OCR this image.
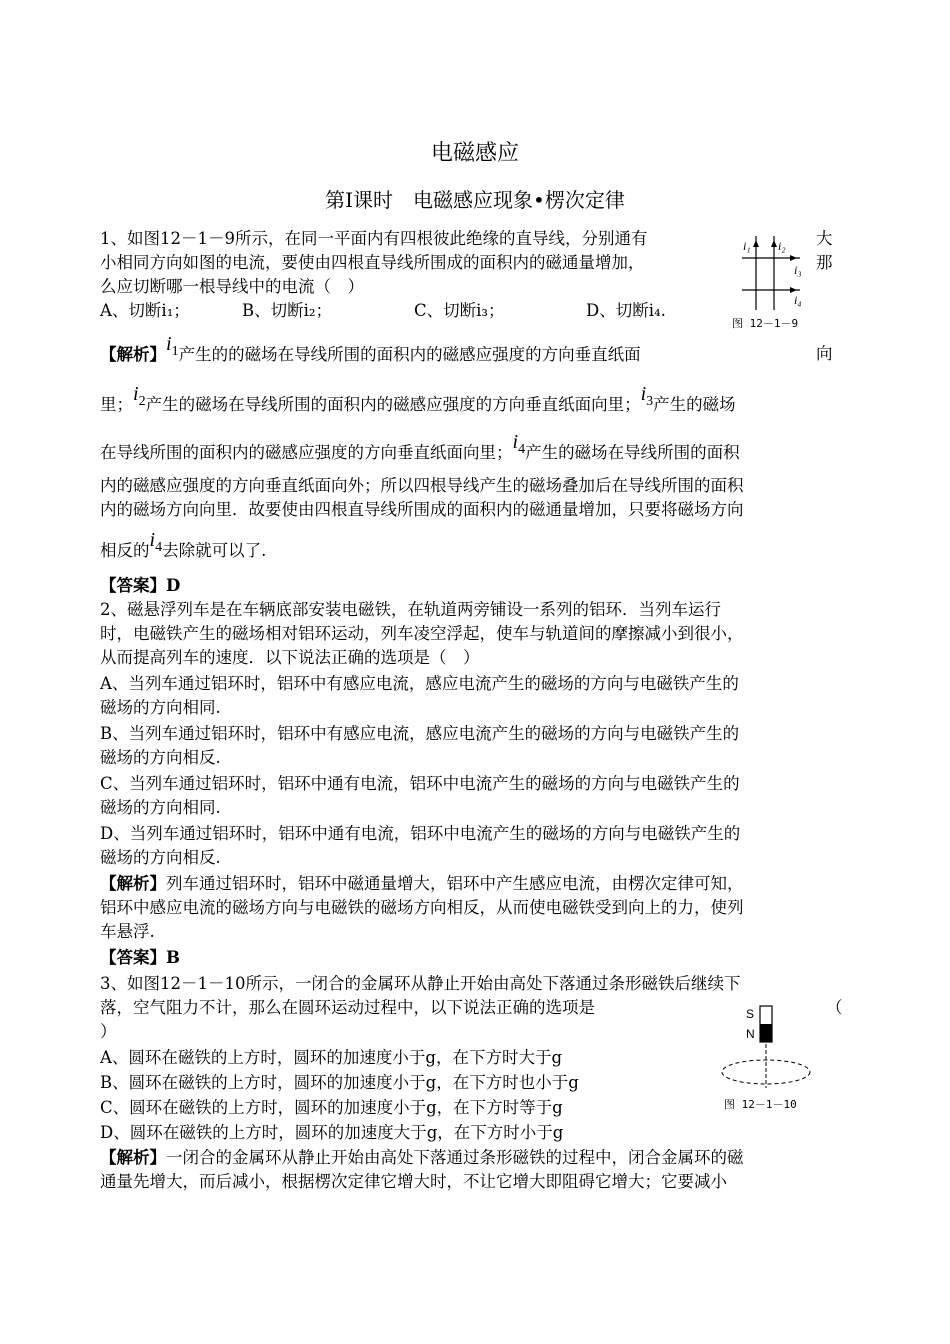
电磁感应
第Ⅰ课时　电磁感应现象•楞次定律
1、如图12－1－9所示，在同一平面内有四根彼此绝缘的直导线，分别通有	大
小相同方向如图的电流，要使由四根直导线所围成的面积内的磁通量增加，	那
么应切断哪一根导线中的电流（　）
A、切断i₁；	B、切断i₂；	C、切断i₃；	D、切断i₄.
i₁ i₂
i₃
i₄
图 12－1－9
【解析】$i_1$产生的的磁场在导线所围的面积内的磁感应强度的方向垂直纸面	向
里；$i_2$产生的磁场在导线所围的面积内的磁感应强度的方向垂直纸面向里；$i_3$产生的磁场
在导线所围的面积内的磁感应强度的方向垂直纸面向里；$i_4$产生的磁场在导线所围的面积
内的磁感应强度的方向垂直纸面向外；所以四根导线产生的磁场叠加后在导线所围的面积
内的磁场方向向里．故要使由四根直导线所围成的面积内的磁通量增加，只要将磁场方向
相反的$i_4$去除就可以了.
【答案】D
2、磁悬浮列车是在车辆底部安装电磁铁，在轨道两旁铺设一系列的铝环．当列车运行
时，电磁铁产生的磁场相对铝环运动，列车凌空浮起，使车与轨道间的摩擦减小到很小，
从而提高列车的速度．以下说法正确的选项是（　）
A、当列车通过铝环时，铝环中有感应电流，感应电流产生的磁场的方向与电磁铁产生的
磁场的方向相同.
B、当列车通过铝环时，铝环中有感应电流，感应电流产生的磁场的方向与电磁铁产生的
磁场的方向相反.
C、当列车通过铝环时，铝环中通有电流，铝环中电流产生的磁场的方向与电磁铁产生的
磁场的方向相同.
D、当列车通过铝环时，铝环中通有电流，铝环中电流产生的磁场的方向与电磁铁产生的
磁场的方向相反.
【解析】列车通过铝环时，铝环中磁通量增大，铝环中产生感应电流，由楞次定律可知，
铝环中感应电流的磁场方向与电磁铁的磁场方向相反，从而使电磁铁受到向上的力，使列
车悬浮.
【答案】B
3、如图12－1－10所示，一闭合的金属环从静止开始由高处下落通过条形磁铁后继续下
落，空气阻力不计，那么在圆环运动过程中，以下说法正确的选项是	（
）
A、圆环在磁铁的上方时，圆环的加速度小于g，在下方时大于g
B、圆环在磁铁的上方时，圆环的加速度小于g，在下方时也小于g
C、圆环在磁铁的上方时，圆环的加速度小于g，在下方时等于g
D、圆环在磁铁的上方时，圆环的加速度大于g，在下方时小于g
S
N
图 12－1－10
【解析】一闭合的金属环从静止开始由高处下落通过条形磁铁的过程中，闭合金属环的磁
通量先增大，而后减小，根据楞次定律它增大时，不让它增大即阻碍它增大；它要减小
